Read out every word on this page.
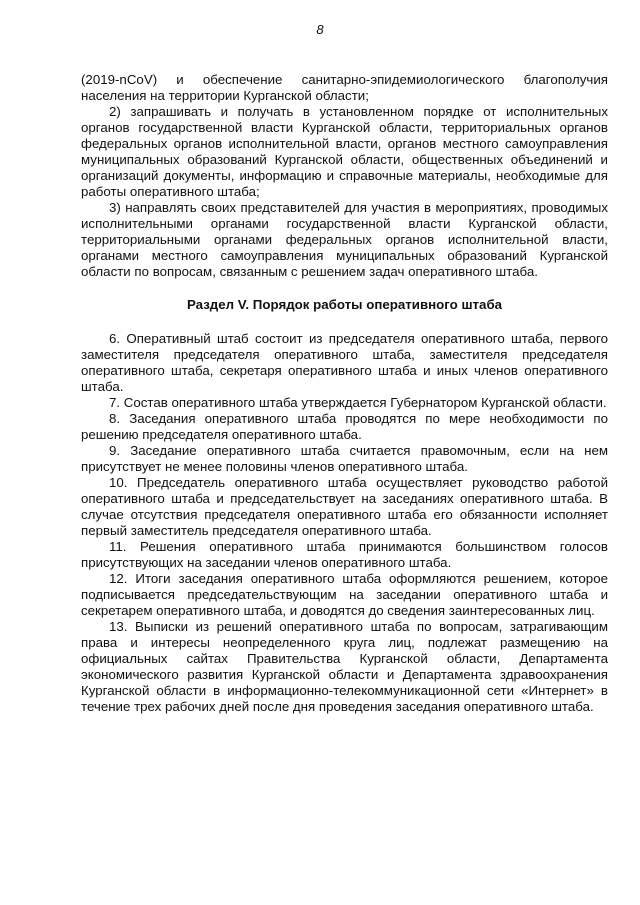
8

(2019-nCoV) и обеспечение санитарно-эпидемиологического благополучия населения на территории Курганской области;

2) запрашивать и получать в установленном порядке от исполнительных органов государственной власти Курганской области, территориальных органов федеральных органов исполнительной власти, органов местного самоуправления муниципальных образований Курганской области, общественных объединений и организаций документы, информацию и справочные материалы, необходимые для работы оперативного штаба;

3) направлять своих представителей для участия в мероприятиях, проводимых исполнительными органами государственной власти Курганской области, территориальными органами федеральных органов исполнительной власти, органами местного самоуправления муниципальных образований Курганской области по вопросам, связанным с решением задач оперативного штаба.

Раздел V. Порядок работы оперативного штаба

6. Оперативный штаб состоит из председателя оперативного штаба, первого заместителя председателя оперативного штаба, заместителя председателя оперативного штаба, секретаря оперативного штаба и иных членов оперативного штаба.

7. Состав оперативного штаба утверждается Губернатором Курганской области.

8. Заседания оперативного штаба проводятся по мере необходимости по решению председателя оперативного штаба.

9. Заседание оперативного штаба считается правомочным, если на нем присутствует не менее половины членов оперативного штаба.

10. Председатель оперативного штаба осуществляет руководство работой оперативного штаба и председательствует на заседаниях оперативного штаба. В случае отсутствия председателя оперативного штаба его обязанности исполняет первый заместитель председателя оперативного штаба.

11. Решения оперативного штаба принимаются большинством голосов присутствующих на заседании членов оперативного штаба.

12. Итоги заседания оперативного штаба оформляются решением, которое подписывается председательствующим на заседании оперативного штаба и секретарем оперативного штаба, и доводятся до сведения заинтересованных лиц.

13. Выписки из решений оперативного штаба по вопросам, затрагивающим права и интересы неопределенного круга лиц, подлежат размещению на официальных сайтах Правительства Курганской области, Департамента экономического развития Курганской области и Департамента здравоохранения Курганской области в информационно-телекоммуникационной сети «Интернет» в течение трех рабочих дней после дня проведения заседания оперативного штаба.
